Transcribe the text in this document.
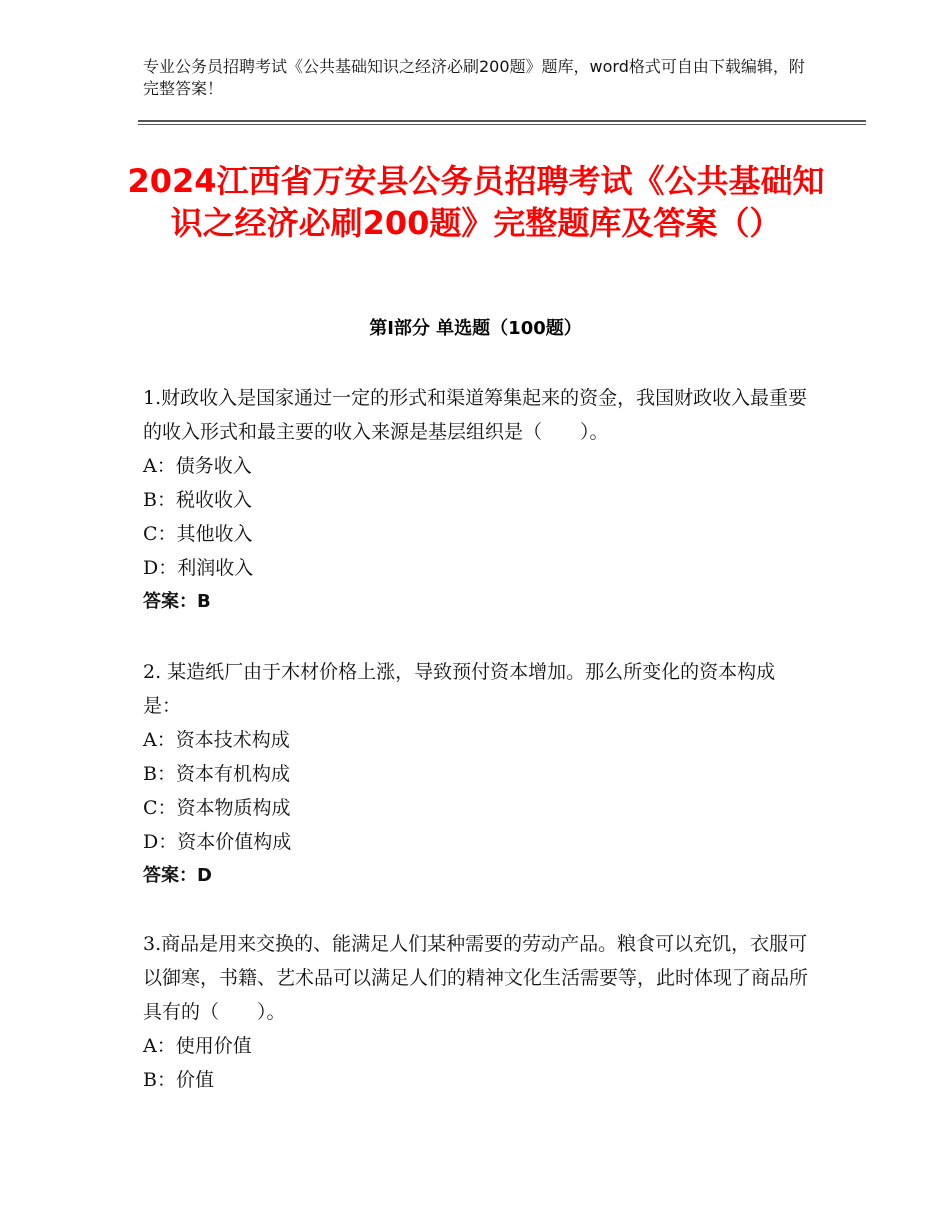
专业公务员招聘考试《公共基础知识之经济必刷200题》题库，word格式可自由下载编辑，附完整答案！
2024江西省万安县公务员招聘考试《公共基础知识之经济必刷200题》完整题库及答案（）
第Ⅰ部分 单选题（100题）

1.财政收入是国家通过一定的形式和渠道筹集起来的资金，我国财政收入最重要的收入形式和最主要的收入来源是基层组织是（　　）。

A：债务收入

B：税收收入

C：其他收入

D：利润收入

答案：B

2. 某造纸厂由于木材价格上涨，导致预付资本增加。那么所变化的资本构成是：

A：资本技术构成

B：资本有机构成

C：资本物质构成

D：资本价值构成

答案：D

3.商品是用来交换的、能满足人们某种需要的劳动产品。粮食可以充饥，衣服可以御寒，书籍、艺术品可以满足人们的精神文化生活需要等，此时体现了商品所具有的（　　）。

A：使用价值

B：价值
